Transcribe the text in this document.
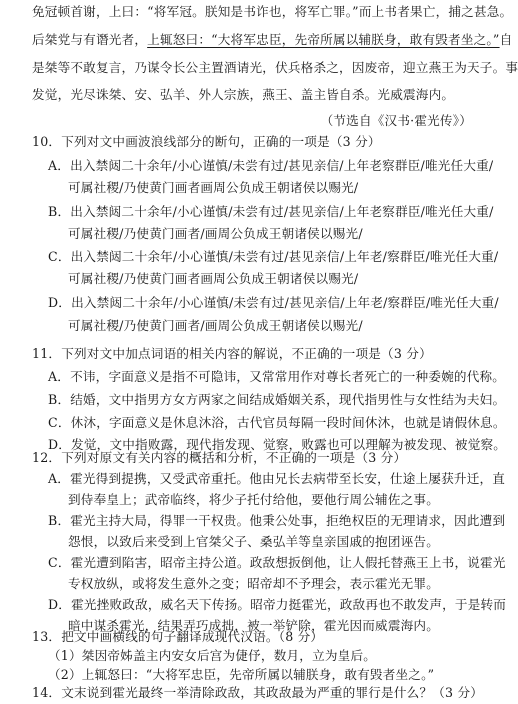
免冠顿首谢，上曰：“将军冠。朕知是书诈也，将军亡罪。”而上书者果亡，捕之甚急。
后桀党与有谮光者，上辄怒曰：“大将军忠臣，先帝所属以辅朕身，敢有毁者坐之。”自
是桀等不敢复言，乃谋令长公主置酒请光，伏兵格杀之，因废帝，迎立燕王为天子。事
发觉，光尽诛桀、安、弘羊、外人宗族，燕王、盖主皆自杀。光威震海内。
（节选自《汉书·霍光传》）
10．下列对文中画波浪线部分的断句，正确的一项是（3 分）
A．出入禁闼二十余年/小心谨慎/未尝有过/甚见亲信/上年老察群臣/唯光任大重/
可属社稷/乃使黄门画者画周公负成王朝诸侯以赐光/
B．出入禁闼二十余年/小心谨慎/未尝有过/甚见亲信/上年老察群臣/唯光任大重/
可属社稷/乃使黄门画者/画周公负成王朝诸侯以赐光/
C．出入禁闼二十余年/小心谨慎/未尝有过/甚见亲信/上年老/察群臣/唯光任大重/
可属社稷/乃使黄门画者画周公负成王朝诸侯以赐光/
D．出入禁闼二十余年/小心谨慎/未尝有过/甚见亲信/上年老/察群臣/唯光任大重/
可属社稷/乃使黄门画者/画周公负成王朝诸侯以赐光/
11．下列对文中加点词语的相关内容的解说，不正确的一项是（3 分）
A．不讳，字面意义是指不可隐讳，又常常用作对尊长者死亡的一种委婉的代称。
B．结婚，文中指男方女方两家之间结成婚姻关系，现代指男性与女性结为夫妇。
C．休沐，字面意义是休息沐浴，古代官员每隔一段时间休沐，也就是请假休息。
D．发觉，文中指败露，现代指发现、觉察，败露也可以理解为被发现、被觉察。
12．下列对原文有关内容的概括和分析，不正确的一项是（3 分）
A．霍光得到提携，又受武帝重托。他由兄长去病带至长安，仕途上屡获升迁，直
到侍奉皇上；武帝临终，将少子托付给他，要他行周公辅佐之事。
B．霍光主持大局，得罪一干权贵。他秉公处事，拒绝权臣的无理请求，因此遭到
怨恨，以致后来受到上官桀父子、桑弘羊等皇亲国戚的抱团诬告。
C．霍光遭到陷害，昭帝主持公道。政敌想扳倒他，让人假托替燕王上书，说霍光
专权放纵，或将发生意外之变；昭帝却不予理会，表示霍光无罪。
D．霍光挫败政敌，威名天下传扬。昭帝力挺霍光，政敌再也不敢发声，于是转而
暗中谋杀霍光，结果弄巧成拙，被一举铲除，霍光因而威震海内。
13．把文中画横线的句子翻译成现代汉语。（8 分）
（1）桀因帝姊盖主内安女后宫为倢伃，数月，立为皇后。
（2）上辄怒曰：“大将军忠臣，先帝所属以辅朕身，敢有毁者坐之。”
14．文末说到霍光最终一举清除政敌，其政敌最为严重的罪行是什么？（3 分）
